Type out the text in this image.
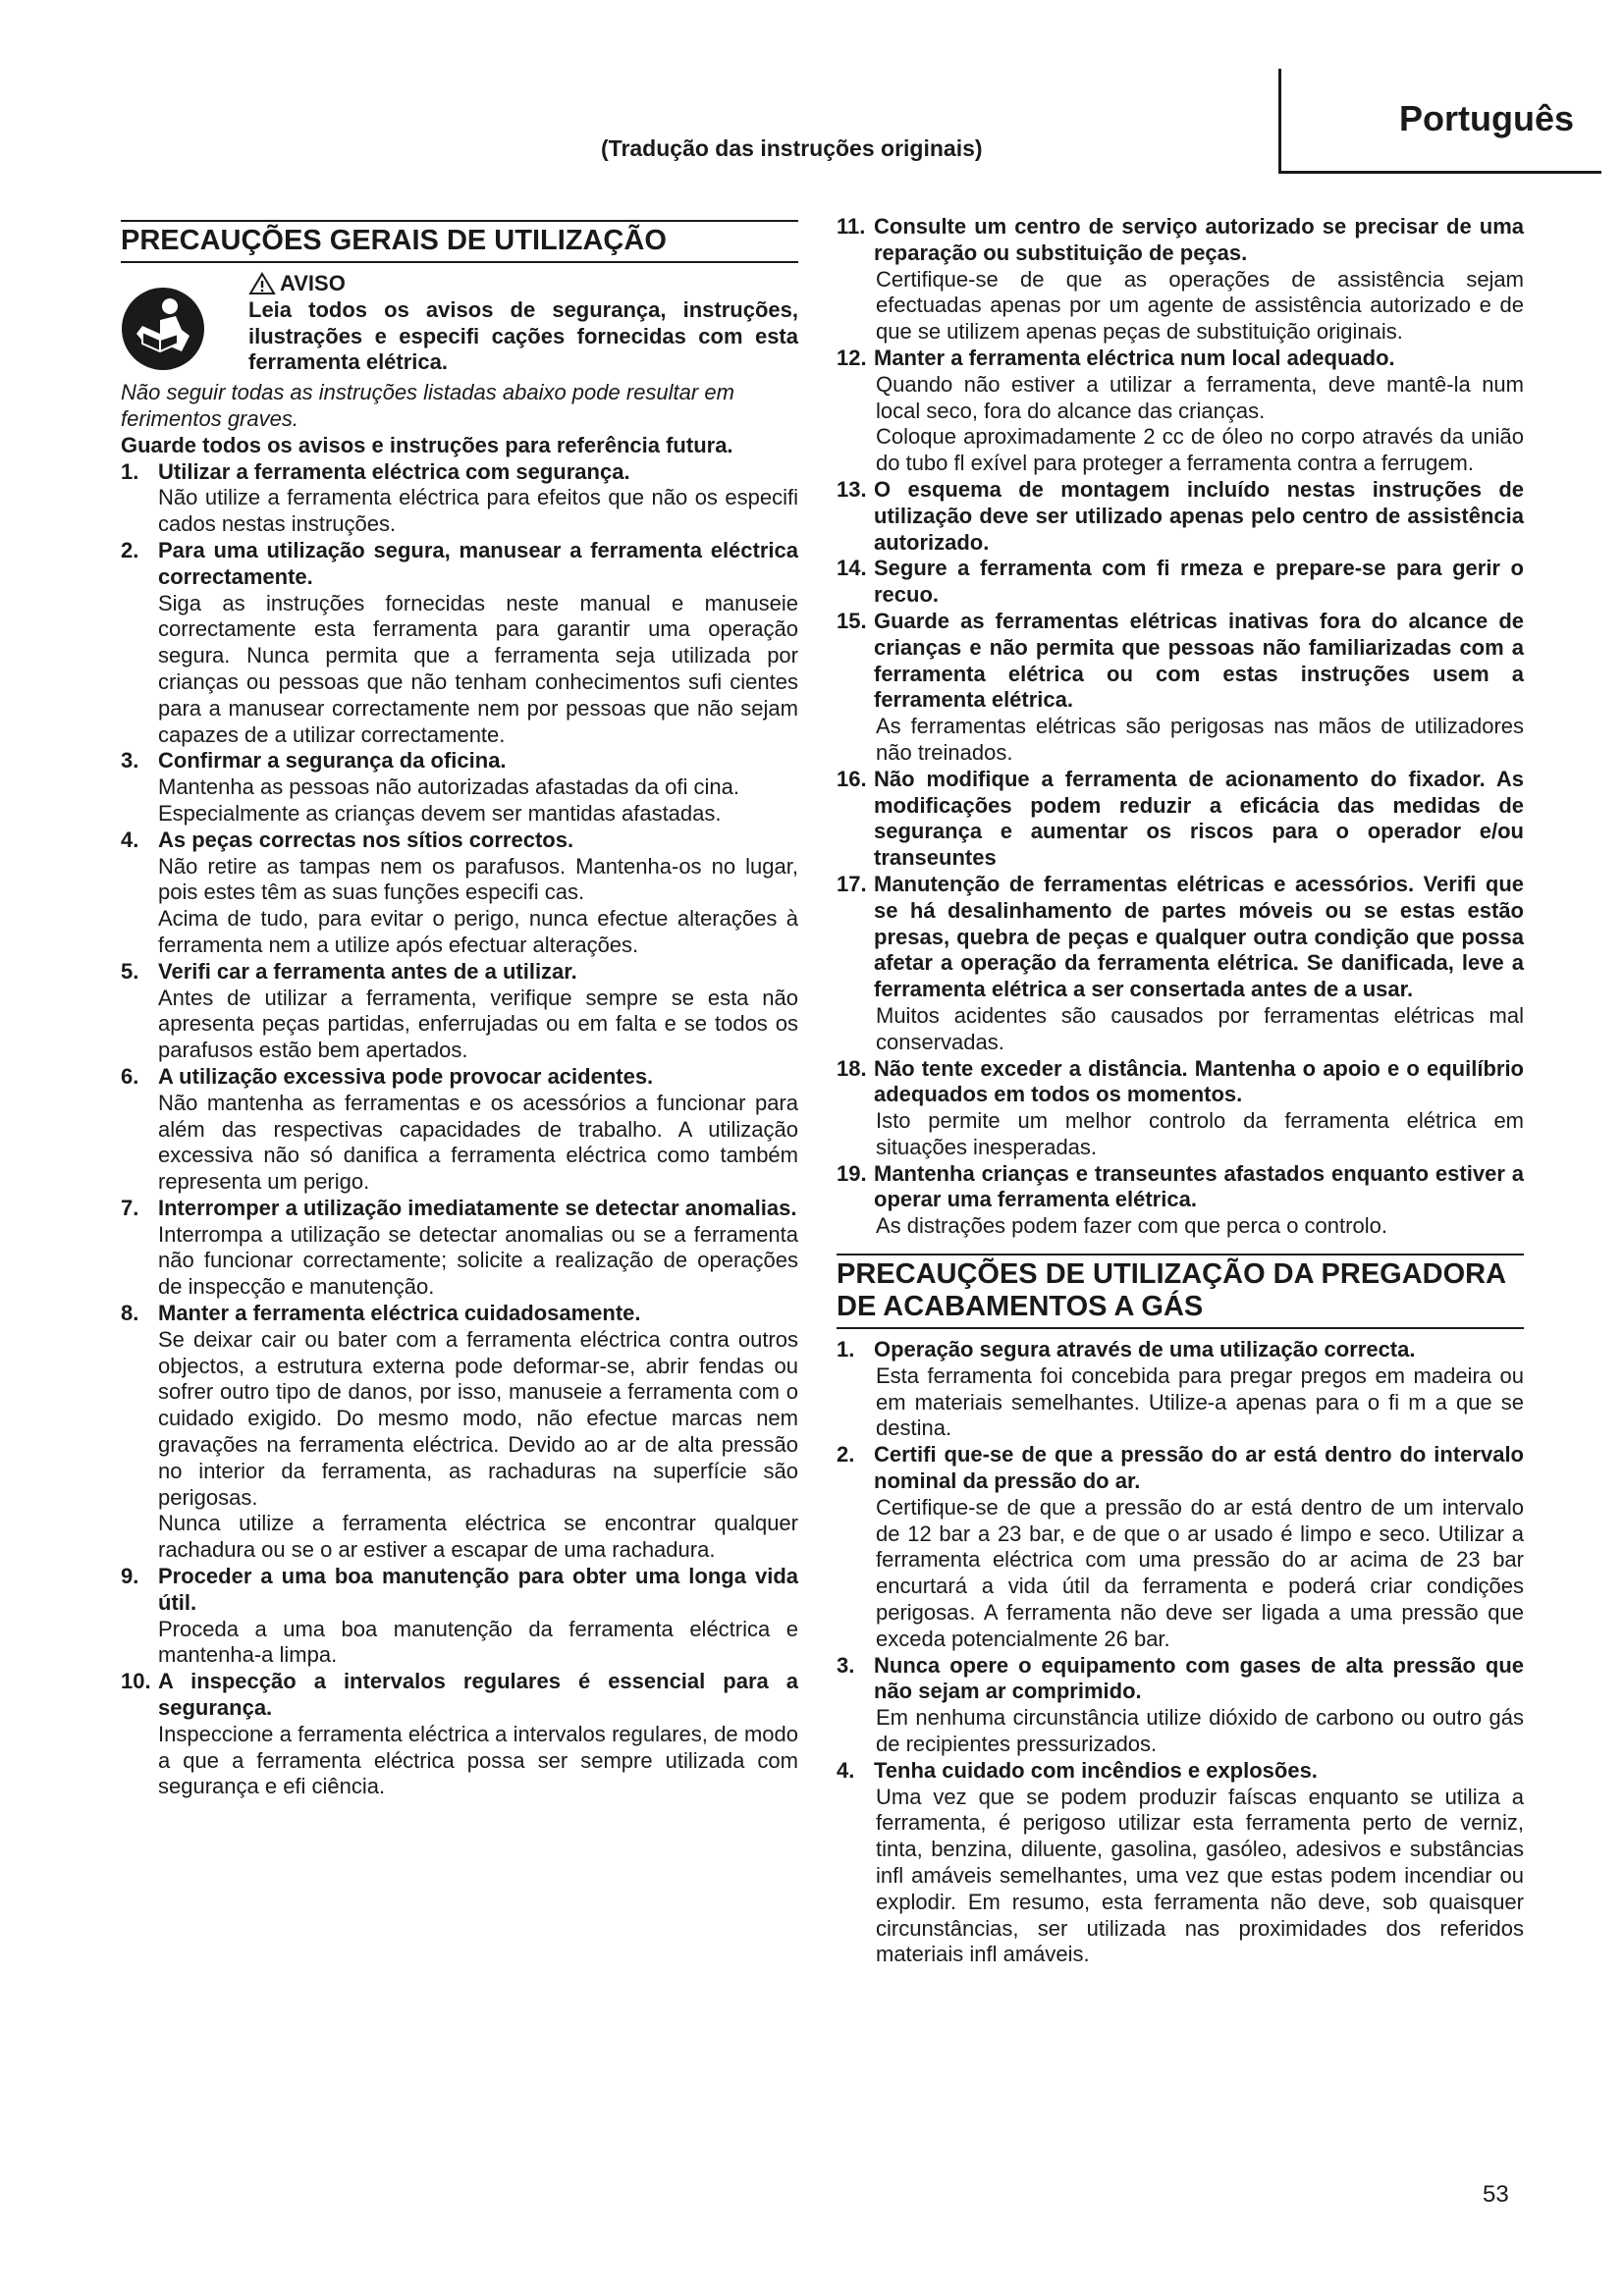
Português
(Tradução das instruções originais)
PRECAUÇÕES GERAIS DE UTILIZAÇÃO
AVISO

Leia todos os avisos de segurança, instruções, ilustrações e especifi cações fornecidas com esta ferramenta elétrica.

Não seguir todas as instruções listadas abaixo pode resultar em ferimentos graves.

Guarde todos os avisos e instruções para referência futura.

1. Utilizar a ferramenta eléctrica com segurança.

Não utilize a ferramenta eléctrica para efeitos que não os especifi cados nestas instruções.

2. Para uma utilização segura, manusear a ferramenta eléctrica correctamente.

Siga as instruções fornecidas neste manual e manuseie correctamente esta ferramenta para garantir uma operação segura. Nunca permita que a ferramenta seja utilizada por crianças ou pessoas que não tenham conhecimentos sufi cientes para a manusear correctamente nem por pessoas que não sejam capazes de a utilizar correctamente.

3. Confirmar a segurança da oficina.

Mantenha as pessoas não autorizadas afastadas da ofi cina.

Especialmente as crianças devem ser mantidas afastadas.

4. As peças correctas nos sítios correctos.

Não retire as tampas nem os parafusos. Mantenha-os no lugar, pois estes têm as suas funções especifi cas.

Acima de tudo, para evitar o perigo, nunca efectue alterações à ferramenta nem a utilize após efectuar alterações.

5. Verifi car a ferramenta antes de a utilizar.

Antes de utilizar a ferramenta, verifique sempre se esta não apresenta peças partidas, enferrujadas ou em falta e se todos os parafusos estão bem apertados.

6. A utilização excessiva pode provocar acidentes.

Não mantenha as ferramentas e os acessórios a funcionar para além das respectivas capacidades de trabalho. A utilização excessiva não só danifica a ferramenta eléctrica como também representa um perigo.

7. Interromper a utilização imediatamente se detectar anomalias.

Interrompa a utilização se detectar anomalias ou se a ferramenta não funcionar correctamente; solicite a realização de operações de inspecção e manutenção.

8. Manter a ferramenta eléctrica cuidadosamente.

Se deixar cair ou bater com a ferramenta eléctrica contra outros objectos, a estrutura externa pode deformar-se, abrir fendas ou sofrer outro tipo de danos, por isso, manuseie a ferramenta com o cuidado exigido. Do mesmo modo, não efectue marcas nem gravações na ferramenta eléctrica. Devido ao ar de alta pressão no interior da ferramenta, as rachaduras na superfície são perigosas.

Nunca utilize a ferramenta eléctrica se encontrar qualquer rachadura ou se o ar estiver a escapar de uma rachadura.

9. Proceder a uma boa manutenção para obter uma longa vida útil.

Proceda a uma boa manutenção da ferramenta eléctrica e mantenha-a limpa.

10. A inspecção a intervalos regulares é essencial para a segurança.

Inspeccione a ferramenta eléctrica a intervalos regulares, de modo a que a ferramenta eléctrica possa ser sempre utilizada com segurança e efi ciência.

11. Consulte um centro de serviço autorizado se precisar de uma reparação ou substituição de peças.

Certifique-se de que as operações de assistência sejam efectuadas apenas por um agente de assistência autorizado e de que se utilizem apenas peças de substituição originais.

12. Manter a ferramenta eléctrica num local adequado.

Quando não estiver a utilizar a ferramenta, deve mantê-la num local seco, fora do alcance das crianças.

Coloque aproximadamente 2 cc de óleo no corpo através da união do tubo fl exível para proteger a ferramenta contra a ferrugem.

13. O esquema de montagem incluído nestas instruções de utilização deve ser utilizado apenas pelo centro de assistência autorizado.
14. Segure a ferramenta com fi rmeza e prepare-se para gerir o recuo.
15. Guarde as ferramentas elétricas inativas fora do alcance de crianças e não permita que pessoas não familiarizadas com a ferramenta elétrica ou com estas instruções usem a ferramenta elétrica.

As ferramentas elétricas são perigosas nas mãos de utilizadores não treinados.

16. Não modifique a ferramenta de acionamento do fixador. As modificações podem reduzir a eficácia das medidas de segurança e aumentar os riscos para o operador e/ou transeuntes
17. Manutenção de ferramentas elétricas e acessórios. Verifi que se há desalinhamento de partes móveis ou se estas estão presas, quebra de peças e qualquer outra condição que possa afetar a operação da ferramenta elétrica. Se danificada, leve a ferramenta elétrica a ser consertada antes de a usar.

Muitos acidentes são causados por ferramentas elétricas mal conservadas.

18. Não tente exceder a distância. Mantenha o apoio e o equilíbrio adequados em todos os momentos.

Isto permite um melhor controlo da ferramenta elétrica em situações inesperadas.

19. Mantenha crianças e transeuntes afastados enquanto estiver a operar uma ferramenta elétrica.

As distrações podem fazer com que perca o controlo.

PRECAUÇÕES DE UTILIZAÇÃO DA PREGADORA DE ACABAMENTOS A GÁS
1. Operação segura através de uma utilização correcta.

Esta ferramenta foi concebida para pregar pregos em madeira ou em materiais semelhantes. Utilize-a apenas para o fi m a que se destina.

2. Certifi que-se de que a pressão do ar está dentro do intervalo nominal da pressão do ar.

Certifique-se de que a pressão do ar está dentro de um intervalo de 12 bar a 23 bar, e de que o ar usado é limpo e seco. Utilizar a ferramenta eléctrica com uma pressão do ar acima de 23 bar encurtará a vida útil da ferramenta e poderá criar condições perigosas. A ferramenta não deve ser ligada a uma pressão que exceda potencialmente 26 bar.

3. Nunca opere o equipamento com gases de alta pressão que não sejam ar comprimido.

Em nenhuma circunstância utilize dióxido de carbono ou outro gás de recipientes pressurizados.

4. Tenha cuidado com incêndios e explosões.

Uma vez que se podem produzir faíscas enquanto se utiliza a ferramenta, é perigoso utilizar esta ferramenta perto de verniz, tinta, benzina, diluente, gasolina, gasóleo, adesivos e substâncias infl amáveis semelhantes, uma vez que estas podem incendiar ou explodir. Em resumo, esta ferramenta não deve, sob quaisquer circunstâncias, ser utilizada nas proximidades dos referidos materiais infl amáveis.

53
